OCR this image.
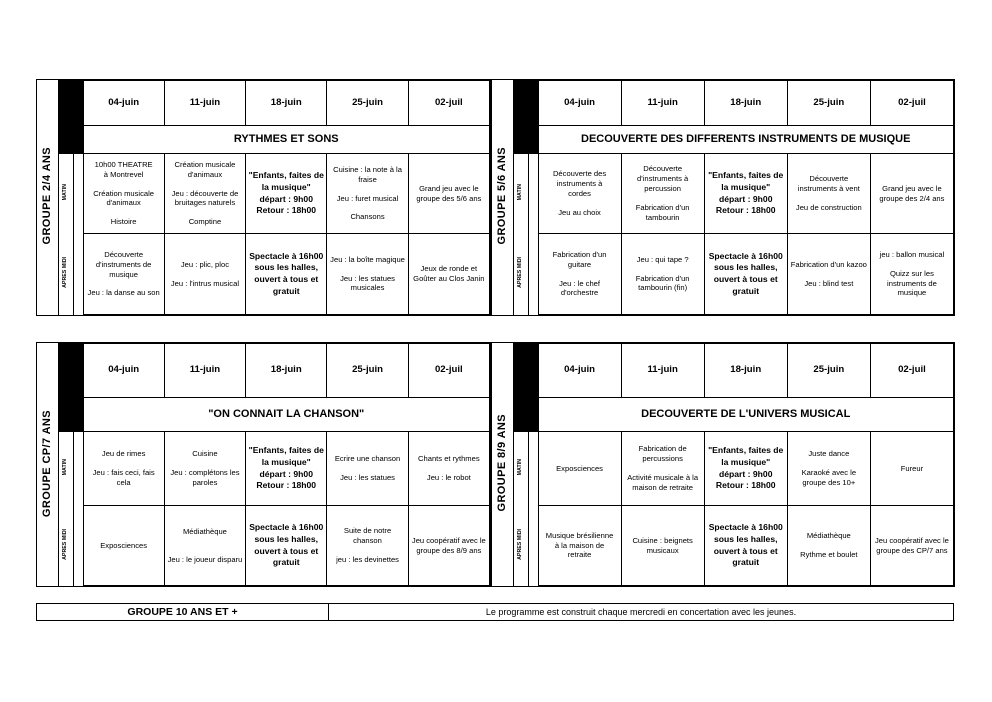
GROUPE 2/4 ANS			04-juin	11-juin	18-juin	25-juin	02-juil
			RYTHMES ET SONS				
	MATIN		10h00 THEATRE
à Montrevel
Création musicale
d'animaux
Histoire	Création musicale
d'animaux
Jeu : découverte de
bruitages naturels
Comptine	"Enfants, faites de la musique"
départ : 9h00
Retour : 18h00	Cuisine : la note à la
fraise
Jeu : furet musical
Chansons	Grand jeu avec le
groupe des 5/6 ans

	APRES MIDI		Découverte
d'instruments de
musique
Jeu : la danse au son	Jeu : plic, ploc
Jeu : l'intrus musical	Spectacle à 16h00
sous les halles,
ouvert à tous et
gratuit	Jeu : la boîte magique
Jeu : les statues
musicales	Jeux de ronde et
Goûter au Clos Janin
GROUPE 5/6 ANS			04-juin	11-juin	18-juin	25-juin	02-juil
			DECOUVERTE DES DIFFERENTS INSTRUMENTS DE MUSIQUE				
	MATIN		Découverte des
instruments à
cordes
Jeu au choix	Découverte
d'instruments à
percussion
Fabrication d'un
tambourin	"Enfants, faites de la musique"
départ : 9h00
Retour : 18h00	Découverte
instruments à vent
Jeu de construction	Grand jeu avec le
groupe des 2/4 ans

	APRES MIDI		Fabrication d'un
guitare
Jeu : le chef
d'orchestre	Jeu : qui tape ?
Fabrication d'un
tambourin (fin)	Spectacle à 16h00
sous les halles,
ouvert à tous et
gratuit	Fabrication d'un kazoo
Jeu : blind test	jeu : ballon musical
Quizz sur les
instruments de musique
GROUPE CP/7 ANS			04-juin	11-juin	18-juin	25-juin	02-juil
			"ON CONNAIT LA CHANSON"				
	MATIN		Jeu de rimes
Jeu : fais ceci, fais cela	Cuisine
Jeu : complétons les
paroles	"Enfants, faites de la musique"
départ : 9h00
Retour : 18h00	Ecrire une chanson
Jeu : les statues	Chants et rythmes
Jeu : le robot

	APRES MIDI		Exposciences	Médiathèque
Jeu : le joueur disparu	Spectacle à 16h00
sous les halles,
ouvert à tous et
gratuit	Suite de notre
chanson
jeu : les devinettes	Jeu coopératif avec le
groupe des 8/9 ans
GROUPE 8/9 ANS			04-juin	11-juin	18-juin	25-juin	02-juil
			DECOUVERTE DE L'UNIVERS MUSICAL				
	MATIN		Exposciences	Fabrication de
percussions
Activité musicale à la
maison de retraite	"Enfants, faites de la musique"
départ : 9h00
Retour : 18h00	Juste dance
Karaoké avec le
groupe des 10+	Fureur

	APRES MIDI		Musique brésilienne
à la maison de
retraite	Cuisine : beignets
musicaux	Spectacle à 16h00
sous les halles,
ouvert à tous et
gratuit	Médiathèque
Rythme et boulet	Jeu coopératif avec le
groupe des CP/7 ans
GROUPE 10 ANS ET +	Le programme est construit chaque mercredi en concertation avec les jeunes.
